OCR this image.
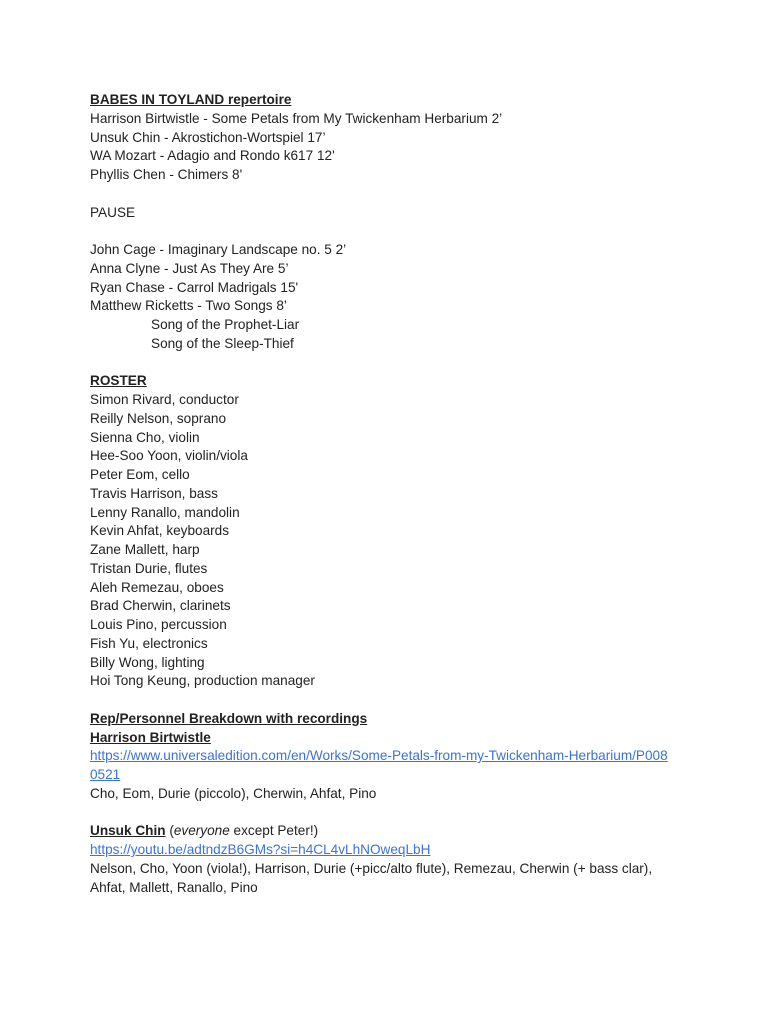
BABES IN TOYLAND repertoire
Harrison Birtwistle - Some Petals from My Twickenham Herbarium 2’
Unsuk Chin - Akrostichon-Wortspiel 17’
WA Mozart - Adagio and Rondo k617 12'
Phyllis Chen - Chimers 8'
PAUSE
John Cage - Imaginary Landscape no. 5 2’
Anna Clyne - Just As They Are 5’
Ryan Chase - Carrol Madrigals 15'
Matthew Ricketts - Two Songs 8’
Song of the Prophet-Liar
Song of the Sleep-Thief
ROSTER
Simon Rivard, conductor
Reilly Nelson, soprano
Sienna Cho, violin
Hee-Soo Yoon, violin/viola
Peter Eom, cello
Travis Harrison, bass
Lenny Ranallo, mandolin
Kevin Ahfat, keyboards
Zane Mallett, harp
Tristan Durie, flutes
Aleh Remezau, oboes
Brad Cherwin, clarinets
Louis Pino, percussion
Fish Yu, electronics
Billy Wong, lighting
Hoi Tong Keung, production manager
Rep/Personnel Breakdown with recordings
Harrison Birtwistle
https://www.universaledition.com/en/Works/Some-Petals-from-my-Twickenham-Herbarium/P008
0521
Cho, Eom, Durie (piccolo), Cherwin, Ahfat, Pino
Unsuk Chin (everyone except Peter!)
https://youtu.be/adtndzB6GMs?si=h4CL4vLhNOweqLbH
Nelson, Cho, Yoon (viola!), Harrison, Durie (+picc/alto flute), Remezau, Cherwin (+ bass clar),
Ahfat, Mallett, Ranallo, Pino
